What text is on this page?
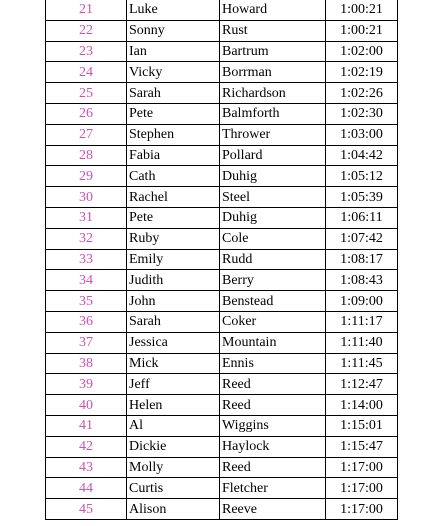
21	Luke	Howard	1:00:21
22	Sonny	Rust	1:00:21
23	Ian	Bartrum	1:02:00
24	Vicky	Borrman	1:02:19
25	Sarah	Richardson	1:02:26
26	Pete	Balmforth	1:02:30
27	Stephen	Thrower	1:03:00
28	Fabia	Pollard	1:04:42
29	Cath	Duhig	1:05:12
30	Rachel	Steel	1:05:39
31	Pete	Duhig	1:06:11
32	Ruby	Cole	1:07:42
33	Emily	Rudd	1:08:17
34	Judith	Berry	1:08:43
35	John	Benstead	1:09:00
36	Sarah	Coker	1:11:17
37	Jessica	Mountain	1:11:40
38	Mick	Ennis	1:11:45
39	Jeff	Reed	1:12:47
40	Helen	Reed	1:14:00
41	Al	Wiggins	1:15:01
42	Dickie	Haylock	1:15:47
43	Molly	Reed	1:17:00
44	Curtis	Fletcher	1:17:00
45	Alison	Reeve	1:17:00
